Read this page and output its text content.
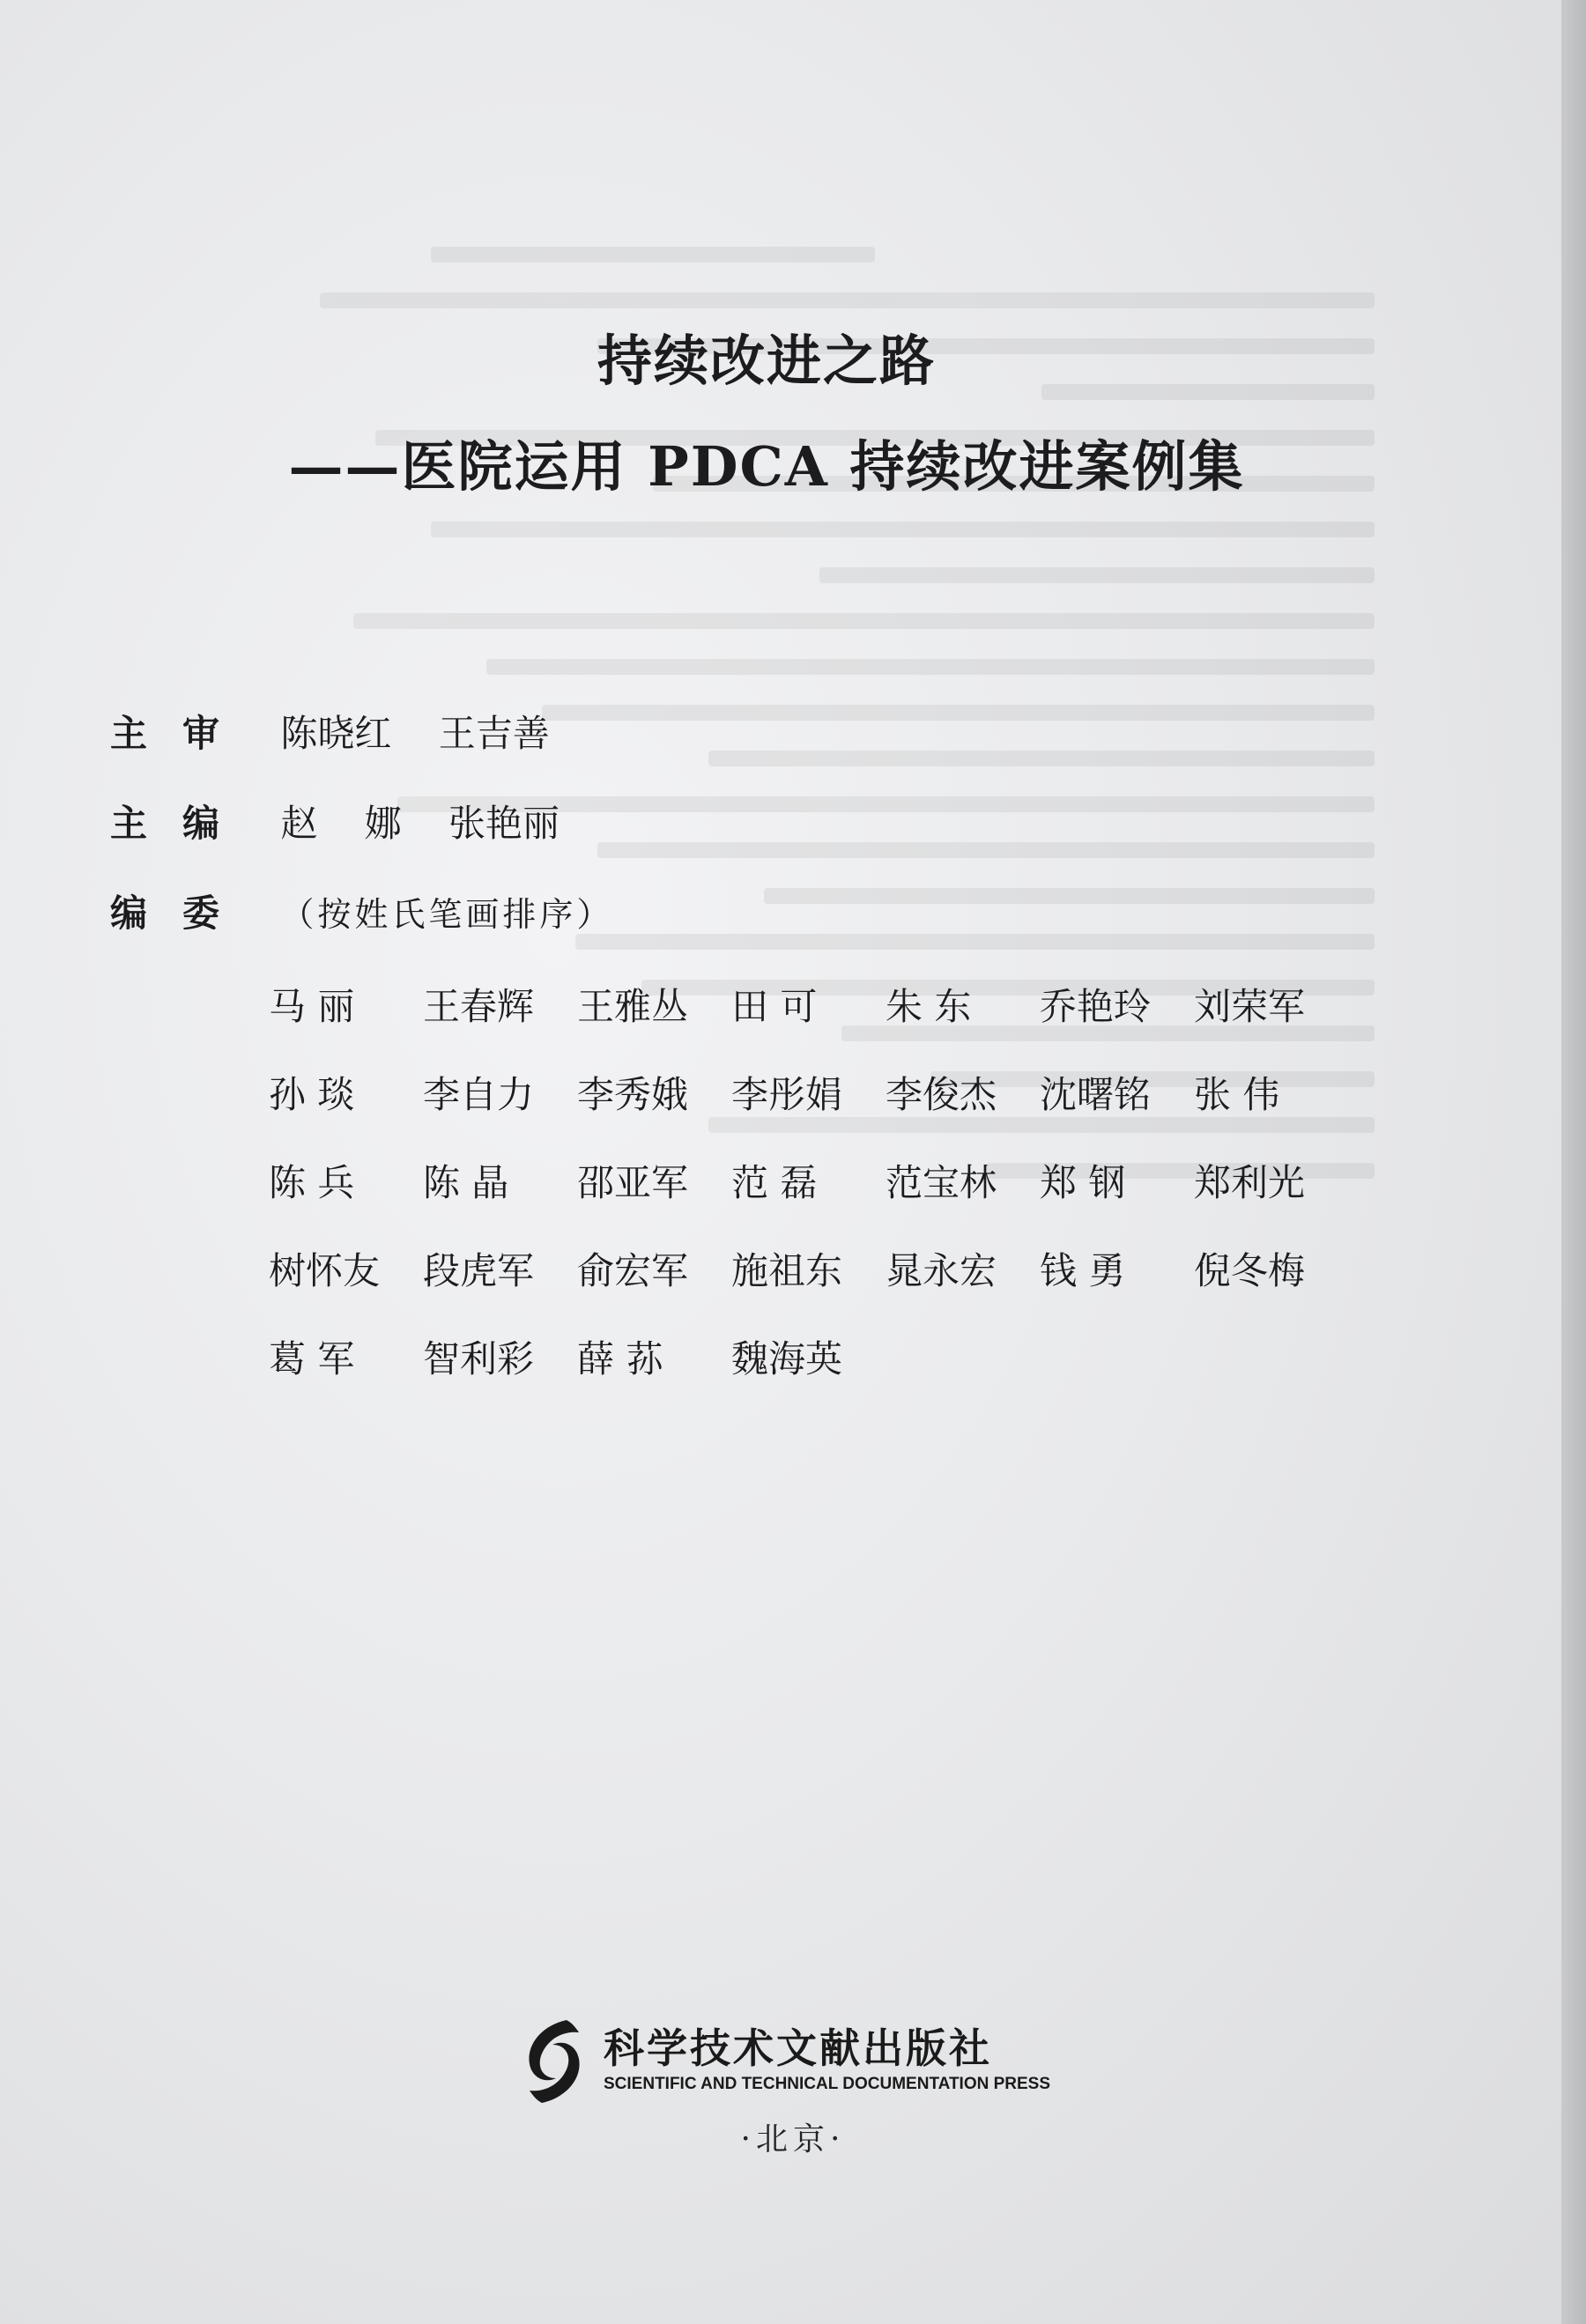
持续改进之路
——医院运用 PDCA 持续改进案例集
主审 陈晓红 王吉善
主编 赵 娜 张艳丽
编委 （按姓氏笔画排序）
马 丽	王春辉	王雅丛	田 可	朱 东	乔艳玲	刘荣军
孙 琰	李自力	李秀娥	李彤娟	李俊杰	沈曙铭	张 伟
陈 兵	陈 晶	邵亚军	范 磊	范宝林	郑 钢	郑利光
树怀友	段虎军	俞宏军	施祖东	晁永宏	钱 勇	倪冬梅
葛 军	智利彩	薛 荪	魏海英
科学技术文献出版社
SCIENTIFIC AND TECHNICAL DOCUMENTATION PRESS
·北京·
